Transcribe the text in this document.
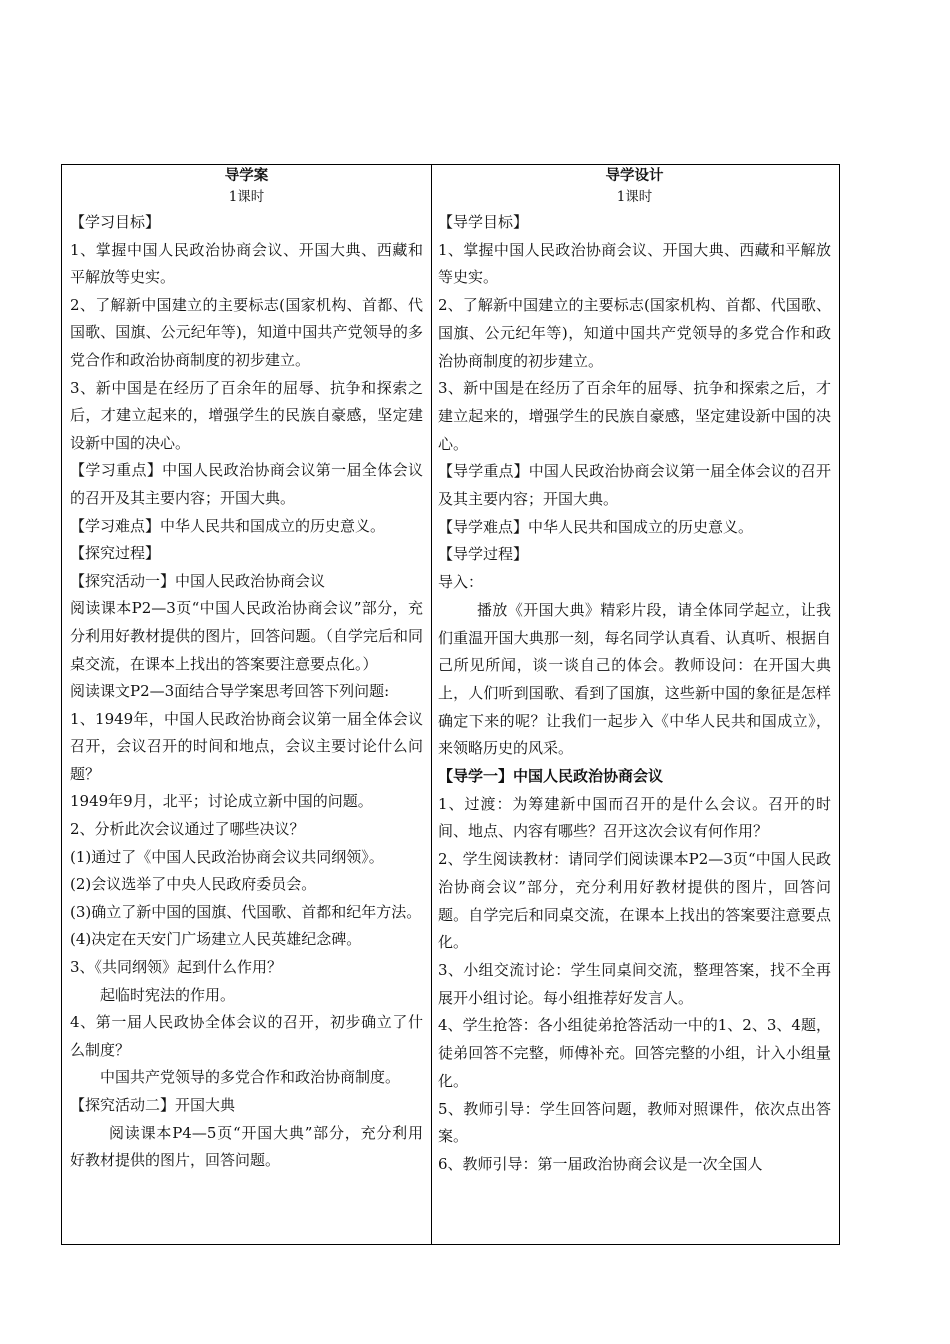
导学案
1课时

【学习目标】

1、掌握中国人民政治协商会议、开国大典、西藏和平解放等史实。

2、了解新中国建立的主要标志(国家机构、首都、代国歌、国旗、公元纪年等)，知道中国共产党领导的多党合作和政治协商制度的初步建立。

3、新中国是在经历了百余年的屈辱、抗争和探索之后，才建立起来的，增强学生的民族自豪感，坚定建设新中国的决心。

【学习重点】中国人民政治协商会议第一届全体会议的召开及其主要内容；开国大典。

【学习难点】中华人民共和国成立的历史意义。

【探究过程】

【探究活动一】中国人民政治协商会议

阅读课本P2—3页“中国人民政治协商会议”部分，充分利用好教材提供的图片，回答问题。（自学完后和同桌交流，在课本上找出的答案要注意要点化。）

阅读课文P2—3面结合导学案思考回答下列问题:

1、1949年，中国人民政治协商会议第一届全体会议召开，会议召开的时间和地点，会议主要讨论什么问题？

1949年9月，北平；讨论成立新中国的问题。

2、分析此次会议通过了哪些决议？

(1)通过了《中国人民政治协商会议共同纲领》。

(2)会议选举了中央人民政府委员会。

(3)确立了新中国的国旗、代国歌、首都和纪年方法。

(4)决定在天安门广场建立人民英雄纪念碑。

3、《共同纲领》起到什么作用？

起临时宪法的作用。

4、第一届人民政协全体会议的召开，初步确立了什么制度？

中国共产党领导的多党合作和政治协商制度。

【探究活动二】开国大典

阅读课本P4—5页“开国大典”部分，充分利用好教材提供的图片，回答问题。

导学设计
1课时

【导学目标】

1、掌握中国人民政治协商会议、开国大典、西藏和平解放等史实。

2、了解新中国建立的主要标志(国家机构、首都、代国歌、国旗、公元纪年等)，知道中国共产党领导的多党合作和政治协商制度的初步建立。

3、新中国是在经历了百余年的屈辱、抗争和探索之后，才建立起来的，增强学生的民族自豪感，坚定建设新中国的决心。

【导学重点】中国人民政治协商会议第一届全体会议的召开及其主要内容；开国大典。

【导学难点】中华人民共和国成立的历史意义。

【导学过程】

导入：

播放《开国大典》精彩片段，请全体同学起立，让我们重温开国大典那一刻，每名同学认真看、认真听、根据自己所见所闻，谈一谈自己的体会。教师设问：在开国大典上，人们听到国歌、看到了国旗，这些新中国的象征是怎样确定下来的呢？让我们一起步入《中华人民共和国成立》，来领略历史的风采。

【导学一】中国人民政治协商会议

1、过渡：为筹建新中国而召开的是什么会议。召开的时间、地点、内容有哪些？召开这次会议有何作用？

2、学生阅读教材：请同学们阅读课本P2—3页“中国人民政治协商会议”部分，充分利用好教材提供的图片，回答问题。自学完后和同桌交流，在课本上找出的答案要注意要点化。

3、小组交流讨论：学生同桌间交流，整理答案，找不全再展开小组讨论。每小组推荐好发言人。

4、学生抢答：各小组徒弟抢答活动一中的1、2、3、4题，徒弟回答不完整，师傅补充。回答完整的小组，计入小组量化。

5、教师引导：学生回答问题，教师对照课件，依次点出答案。

6、教师引导：第一届政治协商会议是一次全国人
